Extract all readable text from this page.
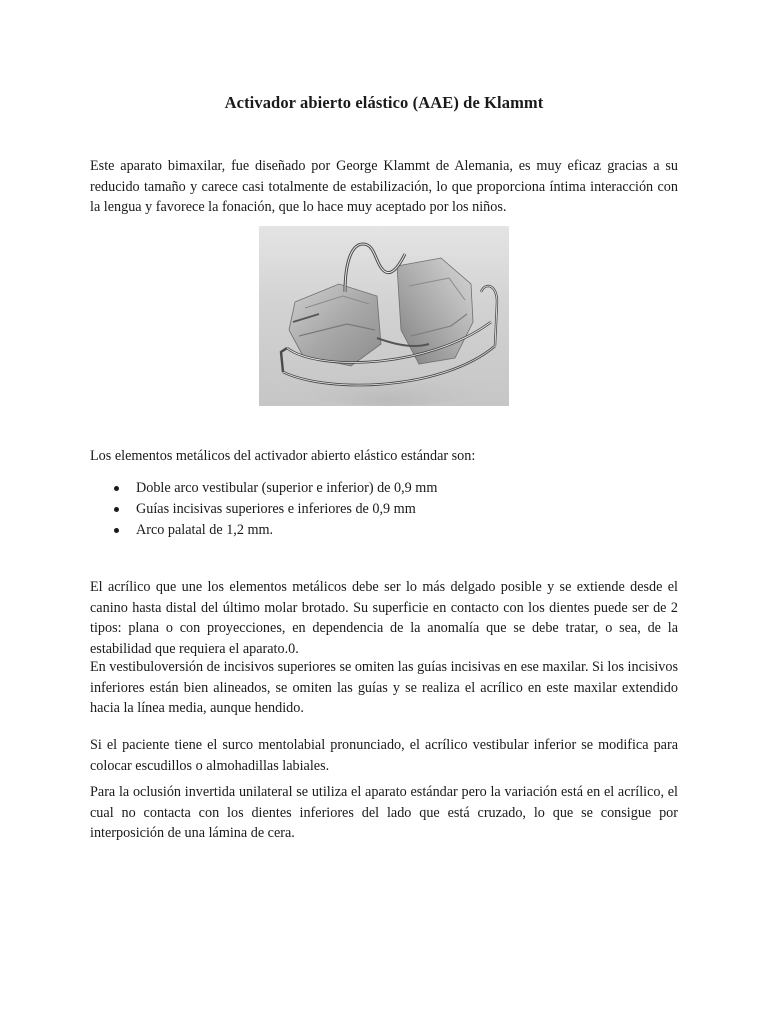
Activador abierto elástico (AAE) de Klammt

Este aparato bimaxilar, fue diseñado por George Klammt de Alemania, es muy eficaz gracias a su reducido tamaño y carece casi totalmente de estabilización, lo que proporciona íntima interacción con la lengua y favorece la fonación, que lo hace muy aceptado por los niños.

Los elementos metálicos del activador abierto elástico estándar son:

Doble arco vestibular (superior e inferior) de 0,9 mm
Guías incisivas superiores e inferiores de 0,9 mm
Arco palatal de 1,2 mm.

El acrílico que une los elementos metálicos debe ser lo más delgado posible y se extiende desde el canino hasta distal del último molar brotado. Su superficie en contacto con los dientes puede ser de 2 tipos: plana o con proyecciones, en dependencia de la anomalía que se debe tratar, o sea, de la estabilidad que requiera el aparato.0.

En vestibuloversión de incisivos superiores se omiten las guías incisivas en ese maxilar. Si los incisivos inferiores están bien alineados, se omiten las guías y se realiza el acrílico en este maxilar extendido hacia la línea media, aunque hendido.

Si el paciente tiene el surco mentolabial pronunciado, el acrílico vestibular inferior se modifica para colocar escudillos o almohadillas labiales.

Para la oclusión invertida unilateral se utiliza el aparato estándar pero la variación está en el acrílico, el cual no contacta con los dientes inferiores del lado que está cruzado, lo que se consigue por interposición de una lámina de cera.
